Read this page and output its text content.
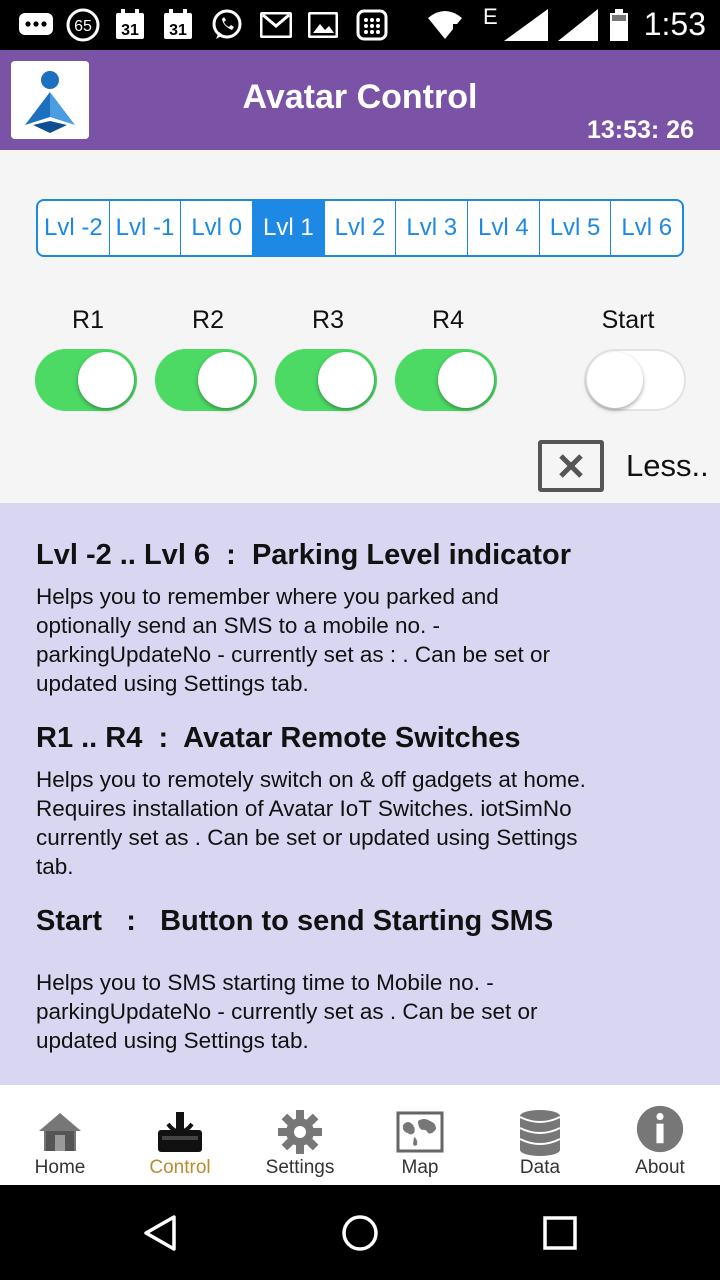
65 31 31
E	1:53
Avatar Control
13:53: 26
Lvl -2 Lvl -1 Lvl 0 Lvl 1 Lvl 2 Lvl 3 Lvl 4 Lvl 5 Lvl 6
R1	R2	R3	R4	Start
Less..
Lvl -2 .. Lvl 6  :  Parking Level indicator

Helps you to remember where you parked and optionally send an SMS to a mobile no. - parkingUpdateNo - currently set as : . Can be set or updated using Settings tab.

R1 .. R4  :  Avatar Remote Switches

Helps you to remotely switch on & off gadgets at home. Requires installation of Avatar IoT Switches. iotSimNo currently set as . Can be set or updated using Settings tab.

Start   :   Button to send Starting SMS

Helps you to SMS starting time to Mobile no. - parkingUpdateNo - currently set as . Can be set or updated using Settings tab.

Home	Control	Settings	Map	Data	About
